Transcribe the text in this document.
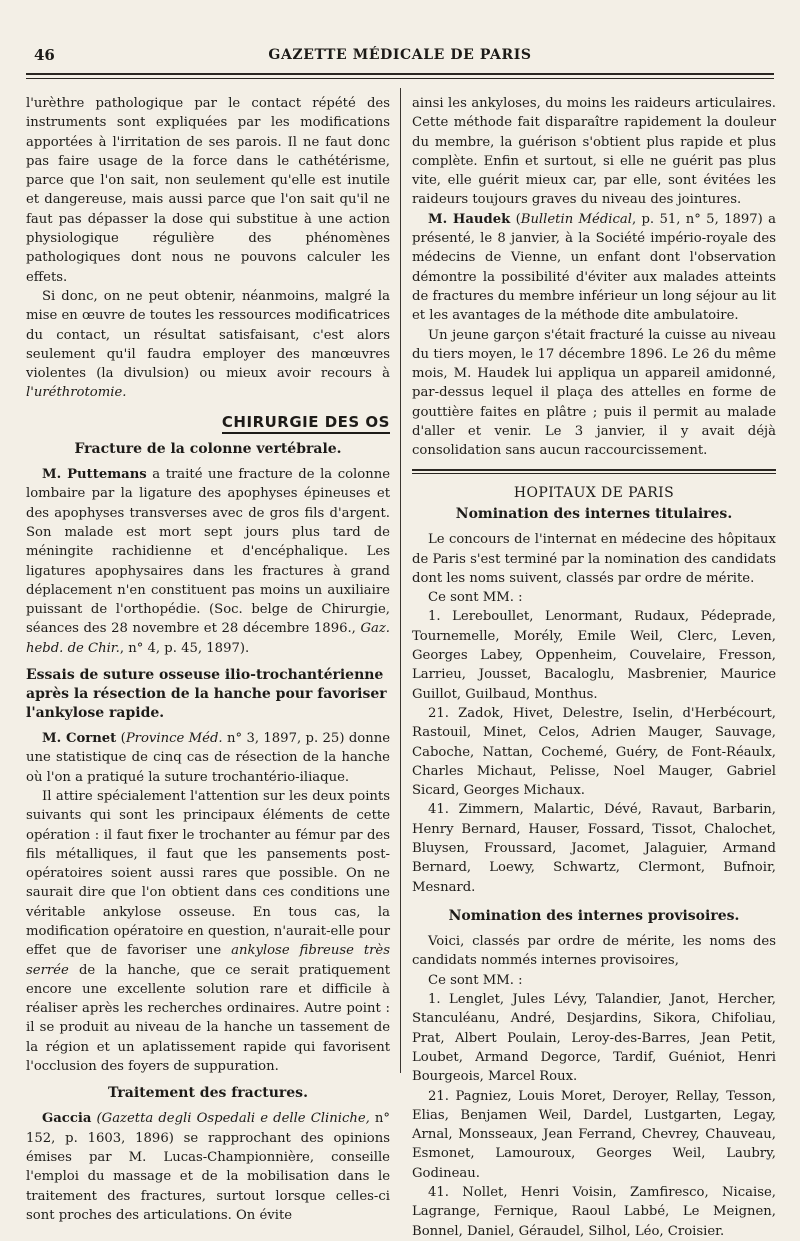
46	GAZETTE MÉDICALE DE PARIS

l'urèthre pathologique par le contact répété des instruments sont expliquées par les modifications apportées à l'irritation de ses parois. Il ne faut donc pas faire usage de la force dans le cathétérisme, parce que l'on sait, non seulement qu'elle est inutile et dangereuse, mais aussi parce que l'on sait qu'il ne faut pas dépasser la dose qui substitue à une action physiologique régulière des phénomènes pathologiques dont nous ne pouvons calculer les effets.

Si donc, on ne peut obtenir, néanmoins, malgré la mise en œuvre de toutes les ressources modificatrices du contact, un résultat satisfaisant, c'est alors seulement qu'il faudra employer des manœuvres violentes (la divulsion) ou mieux avoir recours à l'uréthrotomie.

CHIRURGIE DES OS
Fracture de la colonne vertébrale.

M. Puttemans a traité une fracture de la colonne lombaire par la ligature des apophyses épineuses et des apophyses transverses avec de gros fils d'argent. Son malade est mort sept jours plus tard de méningite rachidienne et d'encéphalique. Les ligatures apophysaires dans les fractures à grand déplacement n'en constituent pas moins un auxiliaire puissant de l'orthopédie. (Soc. belge de Chirurgie, séances des 28 novembre et 28 décembre 1896., Gaz. hebd. de Chir., n° 4, p. 45, 1897).

Essais de suture osseuse ilio-trochantérienne après la résection de la hanche pour favoriser l'ankylose rapide.

M. Cornet (Province Méd. n° 3, 1897, p. 25) donne une statistique de cinq cas de résection de la hanche où l'on a pratiqué la suture trochantério-iliaque.

Il attire spécialement l'attention sur les deux points suivants qui sont les principaux éléments de cette opération : il faut fixer le trochanter au fémur par des fils métalliques, il faut que les pansements post-opératoires soient aussi rares que possible. On ne saurait dire que l'on obtient dans ces conditions une véritable ankylose osseuse. En tous cas, la modification opératoire en question, n'aurait-elle pour effet que de favoriser une ankylose fibreuse très serrée de la hanche, que ce serait pratiquement encore une excellente solution rare et difficile à réaliser après les recherches ordinaires. Autre point : il se produit au niveau de la hanche un tassement de la région et un aplatissement rapide qui favorisent l'occlusion des foyers de suppuration.

Traitement des fractures.

Gaccia (Gazetta degli Ospedali e delle Cliniche, n° 152, p. 1603, 1896) se rapprochant des opinions émises par M. Lucas-Championnière, conseille l'emploi du massage et de la mobilisation dans le traitement des fractures, surtout lorsque celles-ci sont proches des articulations. On évite

ainsi les ankyloses, du moins les raideurs articulaires. Cette méthode fait disparaître rapidement la douleur du membre, la guérison s'obtient plus rapide et plus complète. Enfin et surtout, si elle ne guérit pas plus vite, elle guérit mieux car, par elle, sont évitées les raideurs toujours graves du niveau des jointures.

M. Haudek (Bulletin Médical, p. 51, n° 5, 1897) a présenté, le 8 janvier, à la Société império-royale des médecins de Vienne, un enfant dont l'observation démontre la possibilité d'éviter aux malades atteints de fractures du membre inférieur un long séjour au lit et les avantages de la méthode dite ambulatoire.

Un jeune garçon s'était fracturé la cuisse au niveau du tiers moyen, le 17 décembre 1896. Le 26 du même mois, M. Haudek lui appliqua un appareil amidonné, par-dessus lequel il plaça des attelles en forme de gouttière faites en plâtre ; puis il permit au malade d'aller et venir. Le 3 janvier, il y avait déjà consolidation sans aucun raccourcissement.

HOPITAUX DE PARIS
Nomination des internes titulaires.

Le concours de l'internat en médecine des hôpitaux de Paris s'est terminé par la nomination des candidats dont les noms suivent, classés par ordre de mérite.

Ce sont MM. :

1. Lereboullet, Lenormant, Rudaux, Pédeprade, Tournemelle, Morély, Emile Weil, Clerc, Leven, Georges Labey, Oppenheim, Couvelaire, Fresson, Larrieu, Jousset, Bacaloglu, Masbrenier, Maurice Guillot, Guilbaud, Monthus.

21. Zadok, Hivet, Delestre, Iselin, d'Herbécourt, Rastouil, Minet, Celos, Adrien Mauger, Sauvage, Caboche, Nattan, Cochemé, Guéry, de Font-Réaulx, Charles Michaut, Pelisse, Noel Mauger, Gabriel Sicard, Georges Michaux.

41. Zimmern, Malartic, Dévé, Ravaut, Barbarin, Henry Bernard, Hauser, Fossard, Tissot, Chalochet, Bluysen, Froussard, Jacomet, Jalaguier, Armand Bernard, Loewy, Schwartz, Clermont, Bufnoir, Mesnard.

Nomination des internes provisoires.

Voici, classés par ordre de mérite, les noms des candidats nommés internes provisoires,

Ce sont MM. :

1. Lenglet, Jules Lévy, Talandier, Janot, Hercher, Stanculéanu, André, Desjardins, Sikora, Chifoliau, Prat, Albert Poulain, Leroy-des-Barres, Jean Petit, Loubet, Armand Degorce, Tardif, Guéniot, Henri Bourgeois, Marcel Roux.

21. Pagniez, Louis Moret, Deroyer, Rellay, Tesson, Elias, Benjamen Weil, Dardel, Lustgarten, Legay, Arnal, Monsseaux, Jean Ferrand, Chevrey, Chauveau, Esmonet, Lamouroux, Georges Weil, Laubry, Godineau.

41. Nollet, Henri Voisin, Zamfiresco, Nicaise, Lagrange, Fernique, Raoul Labbé, Le Meignen, Bonnel, Daniel, Géraudel, Silhol, Léo, Croisier.
